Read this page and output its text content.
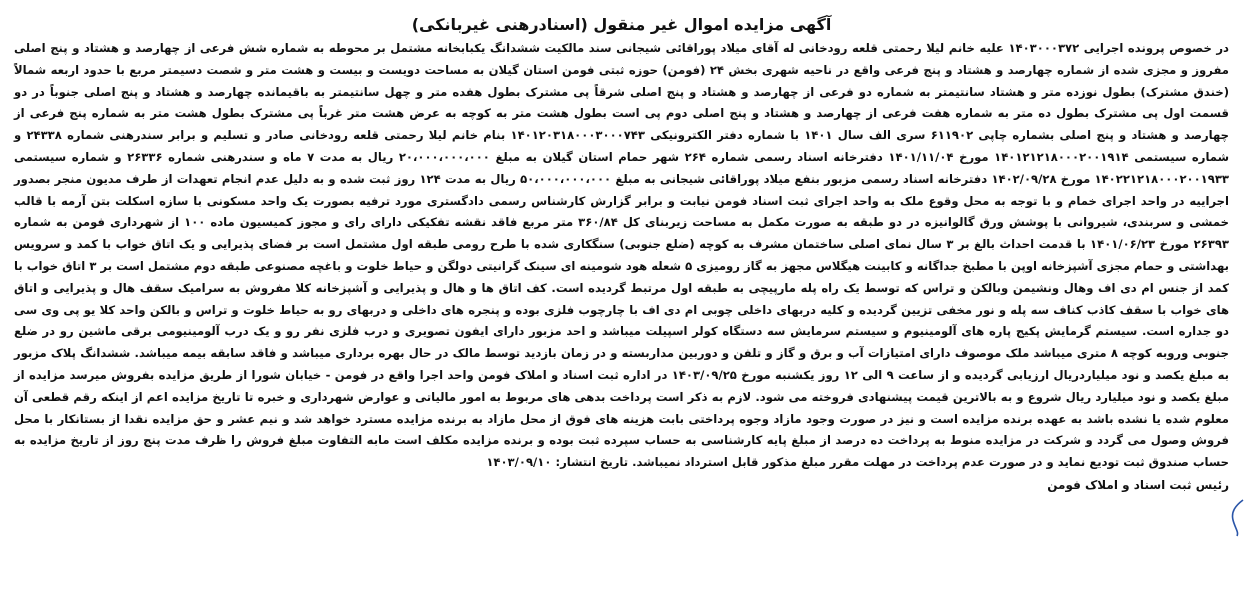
آگهی مزایده اموال غیر منقول (اسنادرهنی غیربانکی)

در خصوص پرونده اجرایی ۱۴۰۳۰۰۰۳۷۲ علیه خانم لیلا رحمتی قلعه رودخانی له آقای میلاد پوراقائی شیجانی سند مالکیت ششدانگ یکبابخانه مشتمل بر محوطه به شماره شش فرعی از چهارصد و هشتاد و پنج اصلی مفروز و مجزی شده از شماره چهارصد و هشتاد و پنج فرعی واقع در ناحیه شهری بخش ۲۴ (فومن) حوزه ثبتی فومن استان گیلان به مساحت دویست و بیست و هشت متر و شصت دسیمتر مربع با حدود اربعه شمالاً (خندق مشترک) بطول نوزده متر و هشتاد سانتیمتر به شماره دو فرعی از چهارصد و هشتاد و پنج اصلی شرقاً پی مشترک بطول هفده متر و چهل سانتیمتر به باقیمانده چهارصد و هشتاد و پنج اصلی جنوباً در دو قسمت اول پی مشترک بطول ده متر به شماره هفت فرعی از چهارصد و هشتاد و پنج اصلی دوم پی است بطول هشت متر به کوچه به عرض هشت متر غرباً پی مشترک بطول هشت متر به شماره پنج فرعی از چهارصد و هشتاد و پنج اصلی بشماره چاپی ۶۱۱۹۰۲ سری الف سال ۱۴۰۱ با شماره دفتر الکترونیکی ۱۴۰۱۲۰۳۱۸۰۰۰۳۰۰۰۷۴۳ بنام خانم لیلا رحمتی قلعه رودخانی صادر و تسلیم و برابر سندرهنی شماره ۲۴۳۳۸ و شماره سیستمی ۱۴۰۱۲۱۲۱۸۰۰۰۲۰۰۱۹۱۴ مورخ ۱۴۰۱/۱۱/۰۴ دفترخانه اسناد رسمی شماره ۲۶۴ شهر حمام استان گیلان به مبلغ ۲۰،۰۰۰،۰۰۰،۰۰۰ ریال به مدت ۷ ماه و سندرهنی شماره ۲۶۳۳۶ و شماره سیستمی ۱۴۰۲۲۱۲۱۸۰۰۰۲۰۰۱۹۳۳ مورخ ۱۴۰۲/۰۹/۲۸ دفترخانه اسناد رسمی مزبور بنفع میلاد پوراقائی شیجانی به مبلغ ۵۰،۰۰۰،۰۰۰،۰۰۰ ریال به مدت ۱۲۴ روز ثبت شده و به دلیل عدم انجام تعهدات از طرف مدیون منجر بصدور اجراییه در واحد اجرای خمام و با توجه به محل وقوع ملک به واحد اجرای ثبت اسناد فومن نیابت و برابر گزارش کارشناس رسمی دادگستری مورد ترفیه بصورت یک واحد مسکونی با سازه اسکلت بتن آرمه با قالب خمشی و سربندی، شیروانی با پوشش ورق گالوانیزه در دو طبقه به صورت مکمل به مساحت زیربنای کل ۳۶۰/۸۴ متر مربع فاقد نقشه تفکیکی دارای رای و مجوز کمیسیون ماده ۱۰۰ از شهرداری فومن به شماره ۲۶۳۹۳ مورخ ۱۴۰۱/۰۶/۲۳ با قدمت احداث بالغ بر ۳ سال نمای اصلی ساختمان مشرف به کوچه (ضلع جنوبی) سنگکاری شده با طرح رومی طبقه اول مشتمل است بر فضای پذیرایی و یک اتاق خواب با کمد و سرویس بهداشتی و حمام مجزی آشپزخانه اوپن با مطبخ جداگانه و کابینت هیگلاس مجهز به گاز رومیزی ۵ شعله هود شومینه ای سینک گرانیتی دولگن و حیاط خلوت و باغچه مصنوعی طبقه دوم مشتمل است بر ۳ اتاق خواب با کمد از جنس ام دی اف وهال ونشیمن وبالکن و تراس که توسط یک راه پله مارپیچی به طبقه اول مرتبط گردیده است. کف اتاق ها و هال و پذیرایی و آشپزخانه کلا مفروش به سرامیک سقف هال و پذیرایی و اتاق های خواب با سقف کاذب کناف سه پله و نور مخفی تزیین گردیده و کلیه دربهای داخلی چوبی ام دی اف با چارچوب فلزی بوده و پنجره های داخلی و دربهای رو به حیاط خلوت و تراس و بالکن واحد کلا یو پی وی سی دو جداره است. سیستم گرمایش پکیج پاره های آلومینیوم و سیستم سرمایش سه دستگاه کولر اسپیلت میباشد و احد مزبور دارای ایفون تصویری و درب فلزی نفر رو و یک درب آلومینیومی برقی ماشین رو در ضلع جنوبی وروبه کوچه ۸ متری میباشد ملک موصوف دارای امتیازات آب و برق و گاز و تلفن و دوربین مداربسته و در زمان بازدید توسط مالک در حال بهره برداری میباشد و فاقد سابقه بیمه میباشد. ششدانگ پلاک مزبور به مبلغ یکصد و نود میلیاردریال ارزیابی گردیده و از ساعت ۹ الی ۱۲ روز یکشنبه مورخ ۱۴۰۳/۰۹/۲۵ در اداره ثبت اسناد و املاک فومن واحد اجرا واقع در فومن - خیابان شورا از طریق مزایده بفروش میرسد مزایده از مبلغ یکصد و نود میلیارد ریال شروع و به بالاترین قیمت پیشنهادی فروخته می شود. لازم به ذکر است پرداخت بدهی های مربوط به امور مالیاتی و عوارض شهرداری و خبره تا تاریخ مزایده اعم از اینکه رقم قطعی آن معلوم شده یا نشده باشد به عهده برنده مزایده است و نیز در صورت وجود مازاد وجوه پرداختی بابت هزینه های فوق از محل مازاد به برنده مزایده مسترد خواهد شد و نیم عشر و حق مزایده نقدا از بستانکار با محل فروش وصول می گردد و شرکت در مزایده منوط به پرداخت ده درصد از مبلغ پایه کارشناسی به حساب سپرده ثبت بوده و برنده مزایده مکلف است مابه التفاوت مبلغ فروش را ظرف مدت پنج روز از تاریخ مزایده به حساب صندوق ثبت تودیع نماید و در صورت عدم پرداخت در مهلت مقرر مبلغ مذکور قابل استرداد نمیباشد. تاریخ انتشار: ۱۴۰۳/۰۹/۱۰

رئیس ثبت اسناد و املاک فومن
